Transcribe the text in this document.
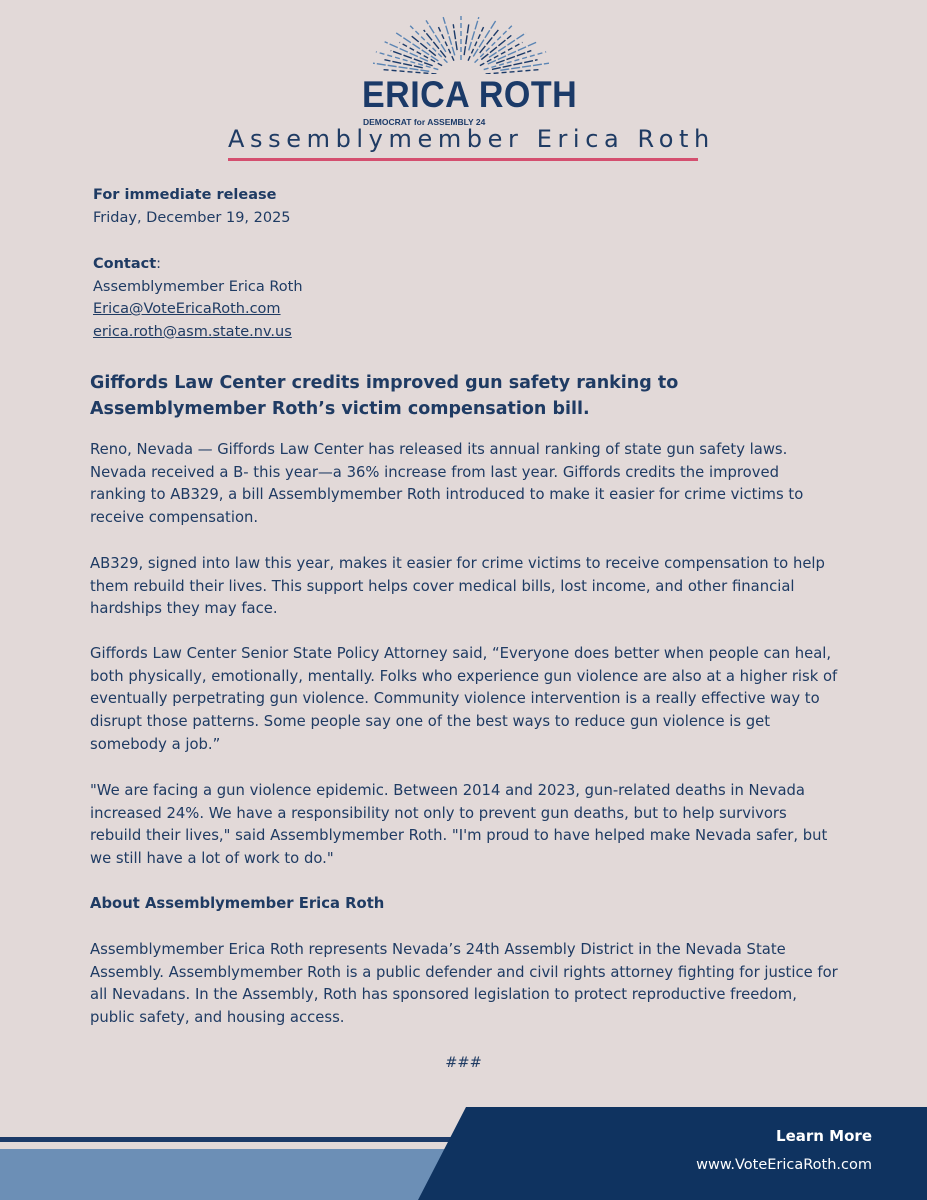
ERICA ROTH
DEMOCRAT for ASSEMBLY 24
Assemblymember Erica Roth
For immediate release
Friday, December 19, 2025
Contact:
Assemblymember Erica Roth
Erica@VoteEricaRoth.com
erica.roth@asm.state.nv.us
Giffords Law Center credits improved gun safety ranking to Assemblymember Roth’s victim compensation bill.

Reno, Nevada — Giffords Law Center has released its annual ranking of state gun safety laws. Nevada received a B- this year—a 36% increase from last year. Giffords credits the improved ranking to AB329, a bill Assemblymember Roth introduced to make it easier for crime victims to receive compensation.

AB329, signed into law this year, makes it easier for crime victims to receive compensation to help them rebuild their lives. This support helps cover medical bills, lost income, and other financial hardships they may face.

Giffords Law Center Senior State Policy Attorney said, “Everyone does better when people can heal, both physically, emotionally, mentally. Folks who experience gun violence are also at a higher risk of eventually perpetrating gun violence. Community violence intervention is a really effective way to disrupt those patterns. Some people say one of the best ways to reduce gun violence is get somebody a job.”

"We are facing a gun violence epidemic. Between 2014 and 2023, gun-related deaths in Nevada increased 24%. We have a responsibility not only to prevent gun deaths, but to help survivors rebuild their lives," said Assemblymember Roth. "I'm proud to have helped make Nevada safer, but we still have a lot of work to do."

About Assemblymember Erica Roth

Assemblymember Erica Roth represents Nevada’s 24th Assembly District in the Nevada State Assembly. Assemblymember Roth is a public defender and civil rights attorney fighting for justice for all Nevadans. In the Assembly, Roth has sponsored legislation to protect reproductive freedom, public safety, and housing access.

###
Learn More
www.VoteEricaRoth.com
